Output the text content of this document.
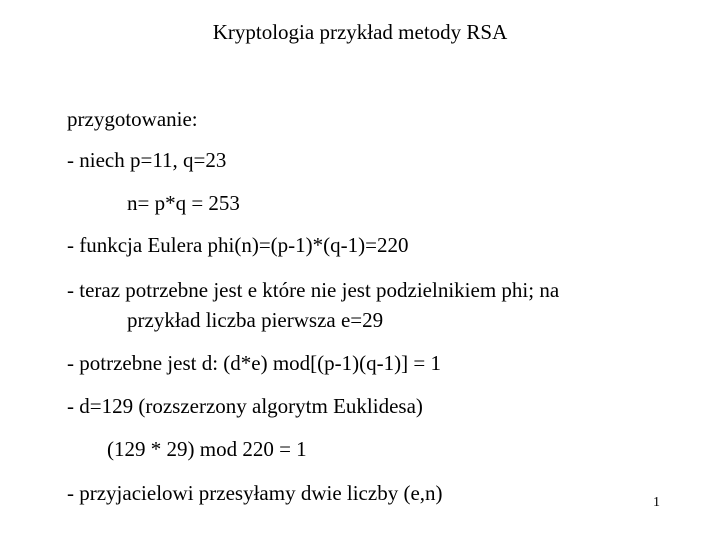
Kryptologia przykład metody RSA
przygotowanie:
- niech p=11, q=23
n= p*q = 253
- funkcja Eulera phi(n)=(p-1)*(q-1)=220
- teraz potrzebne jest e które nie jest podzielnikiem phi; na
przykład liczba pierwsza e=29
- potrzebne jest d: (d*e) mod[(p-1)(q-1)] = 1
- d=129 (rozszerzony algorytm Euklidesa)
(129 * 29) mod 220 = 1
- przyjacielowi przesyłamy dwie liczby (e,n)	1
